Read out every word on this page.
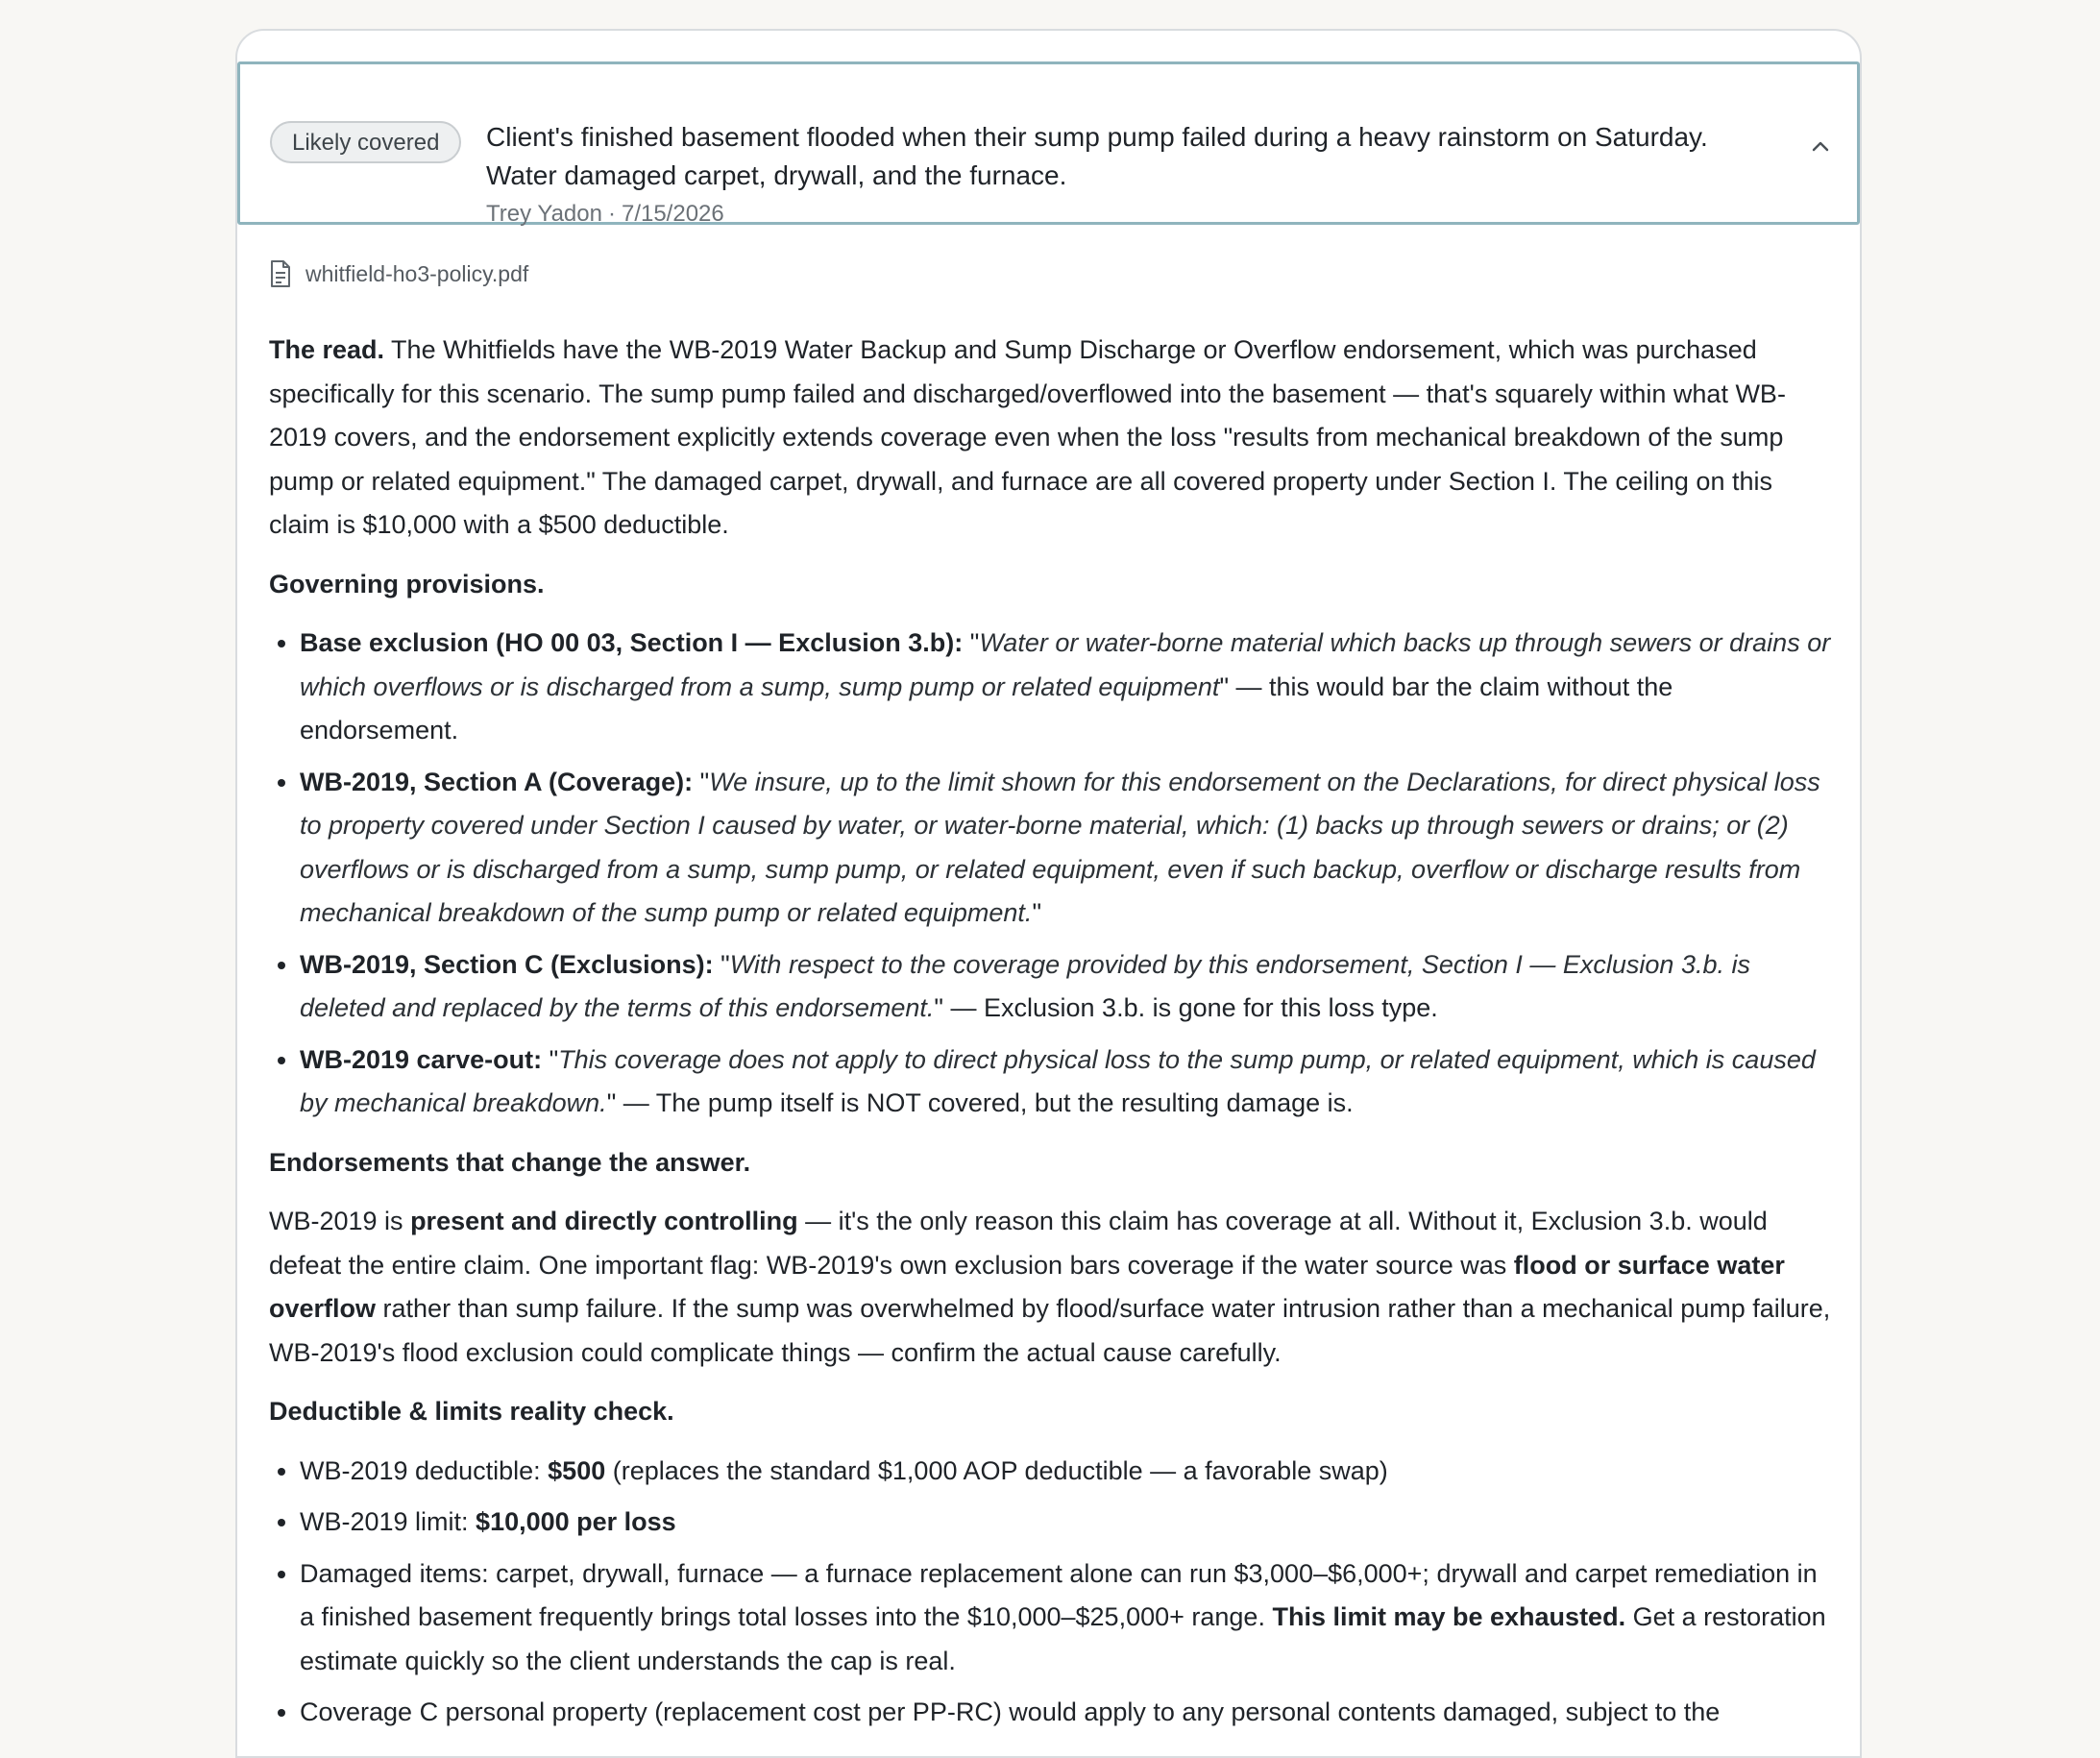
Likely covered	Client's finished basement flooded when their sump pump failed during a heavy rainstorm on Saturday. Water damaged carpet, drywall, and the furnace.
Trey Yadon · 7/15/2026
whitfield-ho3-policy.pdf

The read. The Whitfields have the WB-2019 Water Backup and Sump Discharge or Overflow endorsement, which was purchased specifically for this scenario. The sump pump failed and discharged/overflowed into the basement — that's squarely within what WB-2019 covers, and the endorsement explicitly extends coverage even when the loss "results from mechanical breakdown of the sump pump or related equipment." The damaged carpet, drywall, and furnace are all covered property under Section I. The ceiling on this claim is $10,000 with a $500 deductible.

Governing provisions.

• Base exclusion (HO 00 03, Section I — Exclusion 3.b): "Water or water-borne material which backs up through sewers or drains or which overflows or is discharged from a sump, sump pump or related equipment" — this would bar the claim without the endorsement.
• WB-2019, Section A (Coverage): "We insure, up to the limit shown for this endorsement on the Declarations, for direct physical loss to property covered under Section I caused by water, or water-borne material, which: (1) backs up through sewers or drains; or (2) overflows or is discharged from a sump, sump pump, or related equipment, even if such backup, overflow or discharge results from mechanical breakdown of the sump pump or related equipment."
• WB-2019, Section C (Exclusions): "With respect to the coverage provided by this endorsement, Section I — Exclusion 3.b. is deleted and replaced by the terms of this endorsement." — Exclusion 3.b. is gone for this loss type.
• WB-2019 carve-out: "This coverage does not apply to direct physical loss to the sump pump, or related equipment, which is caused by mechanical breakdown." — The pump itself is NOT covered, but the resulting damage is.

Endorsements that change the answer.

WB-2019 is present and directly controlling — it's the only reason this claim has coverage at all. Without it, Exclusion 3.b. would defeat the entire claim. One important flag: WB-2019's own exclusion bars coverage if the water source was flood or surface water overflow rather than sump failure. If the sump was overwhelmed by flood/surface water intrusion rather than a mechanical pump failure, WB-2019's flood exclusion could complicate things — confirm the actual cause carefully.

Deductible & limits reality check.

• WB-2019 deductible: $500 (replaces the standard $1,000 AOP deductible — a favorable swap)
• WB-2019 limit: $10,000 per loss
• Damaged items: carpet, drywall, furnace — a furnace replacement alone can run $3,000–$6,000+; drywall and carpet remediation in a finished basement frequently brings total losses into the $10,000–$25,000+ range. This limit may be exhausted. Get a restoration estimate quickly so the client understands the cap is real.
• Coverage C personal property (replacement cost per PP-RC) would apply to any personal contents damaged, subject to the
